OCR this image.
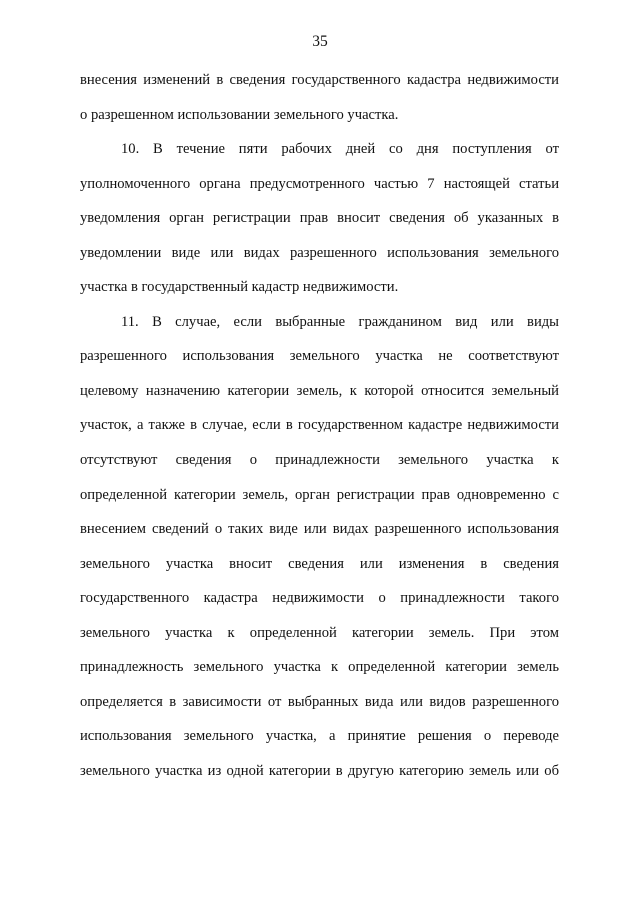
35
внесения изменений в сведения государственного кадастра недвижимости
о разрешенном использовании земельного участка.
10. В течение пяти рабочих дней со дня поступления от
уполномоченного органа предусмотренного частью 7 настоящей статьи
уведомления орган регистрации прав вносит сведения об указанных в
уведомлении виде или видах разрешенного использования земельного
участка в государственный кадастр недвижимости.
11. В случае, если выбранные гражданином вид или виды
разрешенного использования земельного участка не соответствуют
целевому назначению категории земель, к которой относится земельный
участок, а также в случае, если в государственном кадастре недвижимости
отсутствуют сведения о принадлежности земельного участка к
определенной категории земель, орган регистрации прав одновременно с
внесением сведений о таких виде или видах разрешенного использования
земельного участка вносит сведения или изменения в сведения
государственного кадастра недвижимости о принадлежности такого
земельного участка к определенной категории земель. При этом
принадлежность земельного участка к определенной категории земель
определяется в зависимости от выбранных вида или видов разрешенного
использования земельного участка, а принятие решения о переводе
земельного участка из одной категории в другую категорию земель или об
